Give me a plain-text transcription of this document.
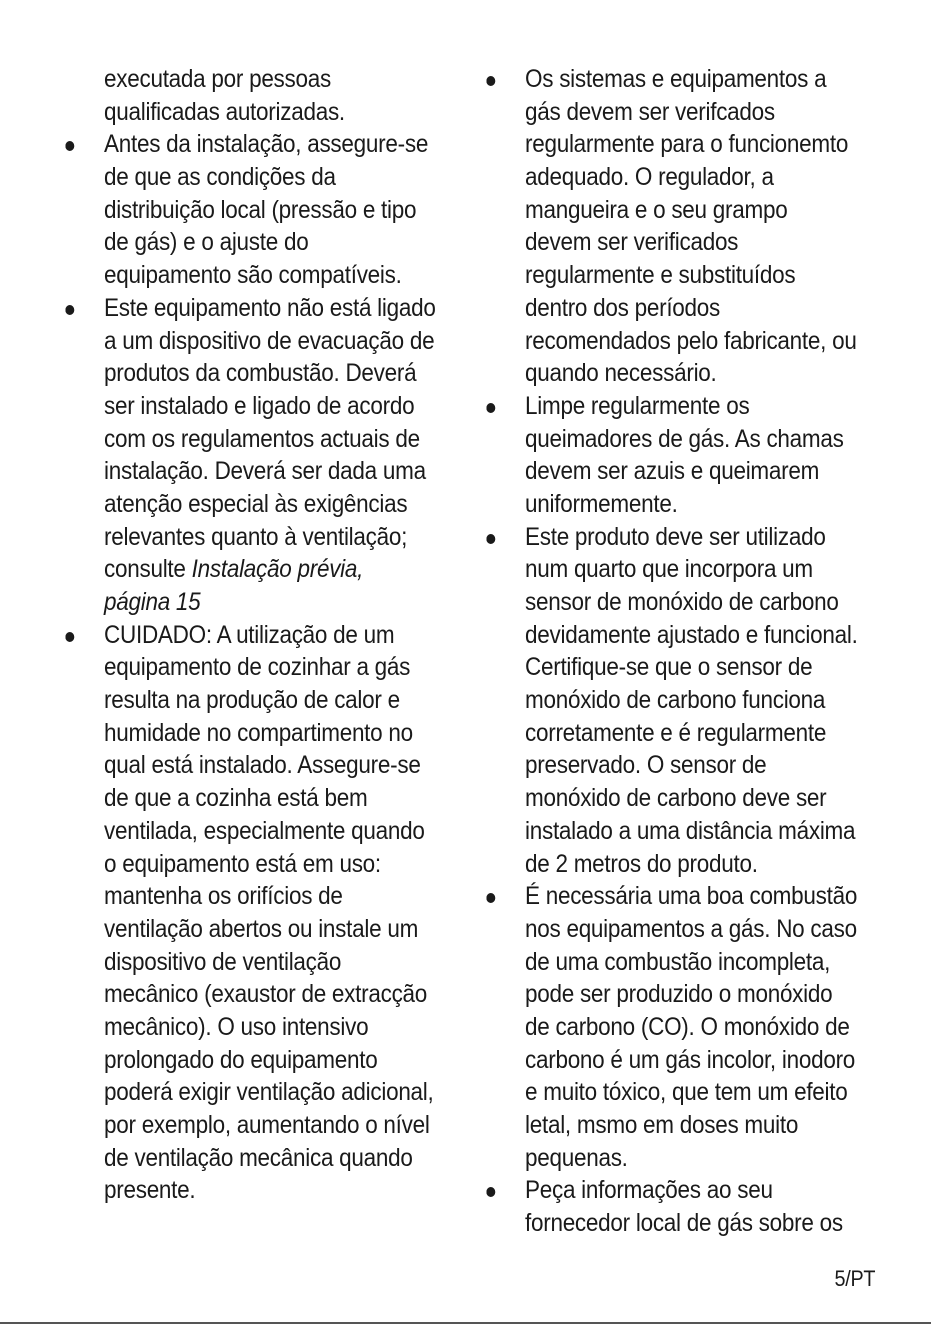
executada por pessoas
qualificadas autorizadas.
Antes da instalação, assegure-se
de que as condições da
distribuição local (pressão e tipo
de gás) e o ajuste do
equipamento são compatíveis.
Este equipamento não está ligado
a um dispositivo de evacuação de
produtos da combustão. Deverá
ser instalado e ligado de acordo
com os regulamentos actuais de
instalação. Deverá ser dada uma
atenção especial às exigências
relevantes quanto à ventilação;
consulte Instalação prévia,
página 15
CUIDADO: A utilização de um
equipamento de cozinhar a gás
resulta na produção de calor e
humidade no compartimento no
qual está instalado. Assegure-se
de que a cozinha está bem
ventilada, especialmente quando
o equipamento está em uso:
mantenha os orifícios de
ventilação abertos ou instale um
dispositivo de ventilação
mecânico (exaustor de extracção
mecânico). O uso intensivo
prolongado do equipamento
poderá exigir ventilação adicional,
por exemplo, aumentando o nível
de ventilação mecânica quando
presente.
Os sistemas e equipamentos a
gás devem ser verifcados
regularmente para o funcionemto
adequado. O regulador, a
mangueira e o seu grampo
devem ser verificados
regularmente e substituídos
dentro dos períodos
recomendados pelo fabricante, ou
quando necessário.
Limpe regularmente os
queimadores de gás. As chamas
devem ser azuis e queimarem
uniformemente.
Este produto deve ser utilizado
num quarto que incorpora um
sensor de monóxido de carbono
devidamente ajustado e funcional.
Certifique-se que o sensor de
monóxido de carbono funciona
corretamente e é regularmente
preservado. O sensor de
monóxido de carbono deve ser
instalado a uma distância máxima
de 2 metros do produto.
É necessária uma boa combustão
nos equipamentos a gás. No caso
de uma combustão incompleta,
pode ser produzido o monóxido
de carbono (CO). O monóxido de
carbono é um gás incolor, inodoro
e muito tóxico, que tem um efeito
letal, msmo em doses muito
pequenas.
Peça informações ao seu
fornecedor local de gás sobre os
5/PT
